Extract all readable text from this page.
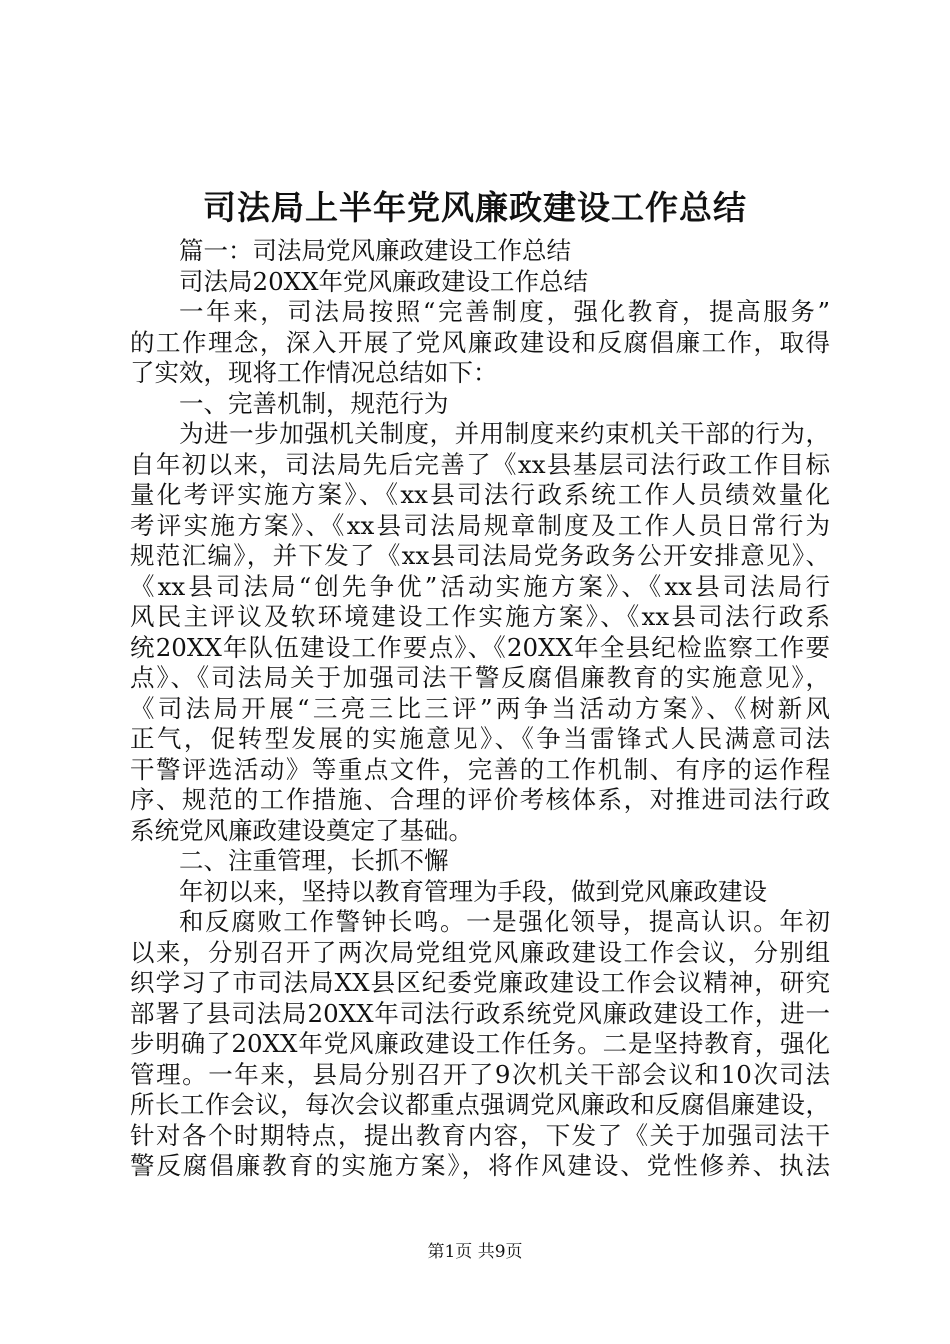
司法局上半年党风廉政建设工作总结
篇一：司法局党风廉政建设工作总结
司法局20XX年党风廉政建设工作总结
一年来，司法局按照“完善制度，强化教育，提高服务”
的工作理念，深入开展了党风廉政建设和反腐倡廉工作，取得
了实效，现将工作情况总结如下：
一、完善机制，规范行为
为进一步加强机关制度，并用制度来约束机关干部的行为，
自年初以来，司法局先后完善了《xx县基层司法行政工作目标
量化考评实施方案》、《xx县司法行政系统工作人员绩效量化
考评实施方案》、《xx县司法局规章制度及工作人员日常行为
规范汇编》，并下发了《xx县司法局党务政务公开安排意见》、
《xx县司法局“创先争优”活动实施方案》、《xx县司法局行
风民主评议及软环境建设工作实施方案》、《xx县司法行政系
统20XX年队伍建设工作要点》、《20XX年全县纪检监察工作要
点》、《司法局关于加强司法干警反腐倡廉教育的实施意见》，
《司法局开展“三亮三比三评”两争当活动方案》、《树新风
正气，促转型发展的实施意见》、《争当雷锋式人民满意司法
干警评选活动》等重点文件，完善的工作机制、有序的运作程
序、规范的工作措施、合理的评价考核体系，对推进司法行政
系统党风廉政建设奠定了基础。
二、注重管理，长抓不懈
年初以来，坚持以教育管理为手段，做到党风廉政建设
和反腐败工作警钟长鸣。一是强化领导，提高认识。年初
以来，分别召开了两次局党组党风廉政建设工作会议，分别组
织学习了市司法局XX县区纪委党廉政建设工作会议精神，研究
部署了县司法局20XX年司法行政系统党风廉政建设工作，进一
步明确了20XX年党风廉政建设工作任务。二是坚持教育，强化
管理。一年来，县局分别召开了9次机关干部会议和10次司法
所长工作会议，每次会议都重点强调党风廉政和反腐倡廉建设，
针对各个时期特点，提出教育内容，下发了《关于加强司法干
警反腐倡廉教育的实施方案》，将作风建设、党性修养、执法
第1页 共9页
